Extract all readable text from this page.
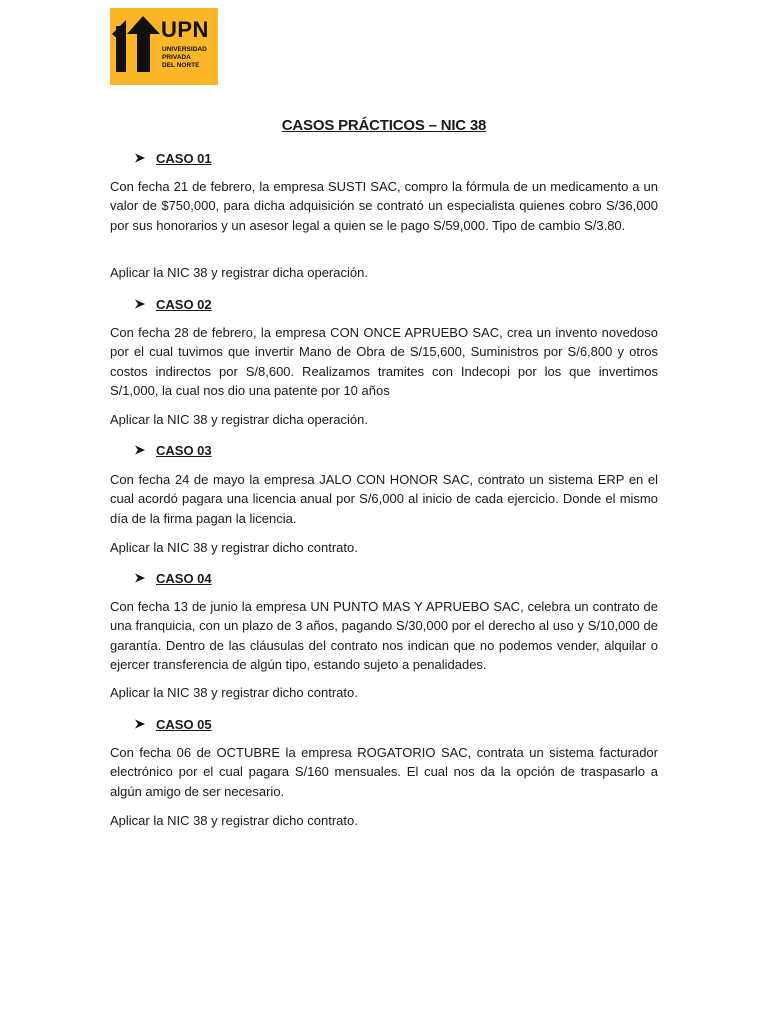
UPN
UNIVERSIDAD
PRIVADA
DEL NORTE
CASOS PRÁCTICOS – NIC 38
CASO 01

Con fecha 21 de febrero, la empresa SUSTI SAC, compro la fórmula de un medicamento a un valor de $750,000, para dicha adquisición se contrató un especialista quienes cobro S/36,000 por sus honorarios y un asesor legal a quien se le pago S/59,000. Tipo de cambio S/3.80.

Aplicar la NIC 38 y registrar dicha operación.

CASO 02

Con fecha 28 de febrero, la empresa CON ONCE APRUEBO SAC, crea un invento novedoso por el cual tuvimos que invertir Mano de Obra de S/15,600, Suministros por S/6,800 y otros costos indirectos por S/8,600. Realizamos tramites con Indecopi por los que invertimos S/1,000, la cual nos dio una patente por 10 años

Aplicar la NIC 38 y registrar dicha operación.

CASO 03

Con fecha 24 de mayo la empresa JALO CON HONOR SAC, contrato un sistema ERP en el cual acordó pagara una licencia anual por S/6,000 al inicio de cada ejercicio. Donde el mismo día de la firma pagan la licencia.

Aplicar la NIC 38 y registrar dicho contrato.

CASO 04

Con fecha 13 de junio la empresa UN PUNTO MAS Y APRUEBO SAC, celebra un contrato de una franquicia, con un plazo de 3 años, pagando S/30,000 por el derecho al uso y S/10,000 de garantía. Dentro de las cláusulas del contrato nos indican que no podemos vender, alquilar o ejercer transferencia de algún tipo, estando sujeto a penalidades.

Aplicar la NIC 38 y registrar dicho contrato.

CASO 05

Con fecha 06 de OCTUBRE la empresa ROGATORIO SAC, contrata un sistema facturador electrónico por el cual pagara S/160 mensuales. El cual nos da la opción de traspasarlo a algún amigo de ser necesario.

Aplicar la NIC 38 y registrar dicho contrato.
